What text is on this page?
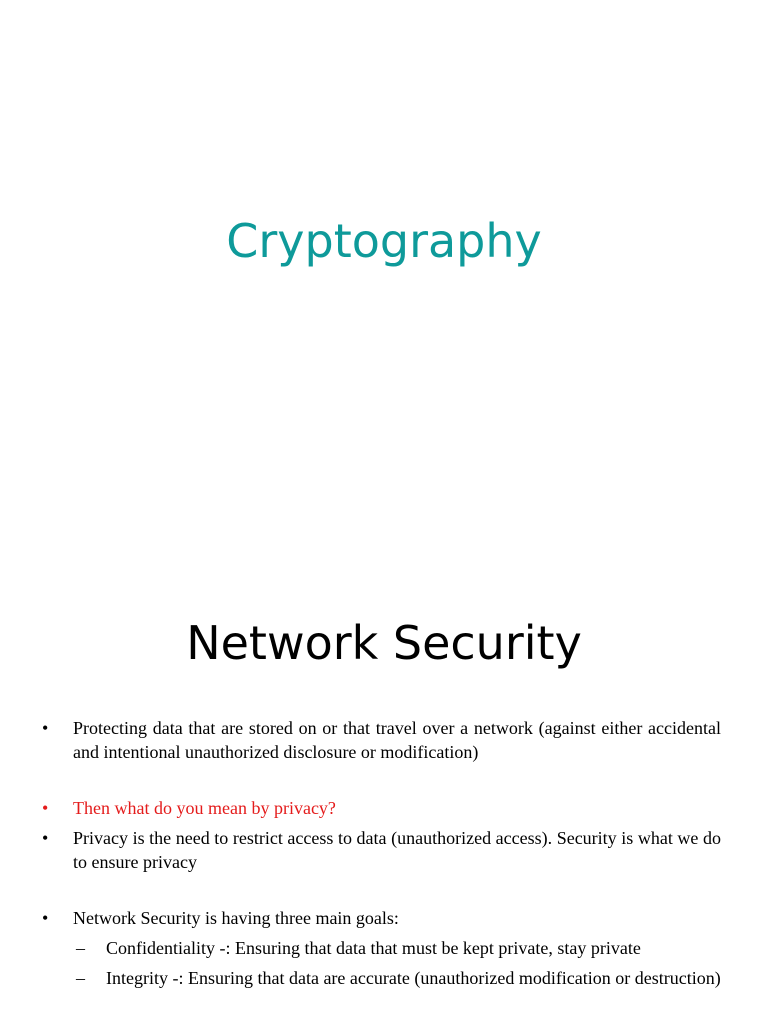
Cryptography
Network Security
• Protecting data that are stored on or that travel over a network (against either accidental and intentional unauthorized disclosure or modification)
• Then what do you mean by privacy?
• Privacy is the need to restrict access to data (unauthorized access). Security is what we do to ensure privacy
• Network Security is having three main goals:
– Confidentiality -: Ensuring that data that must be kept private, stay private
– Integrity -: Ensuring that data are accurate (unauthorized modification or destruction)
